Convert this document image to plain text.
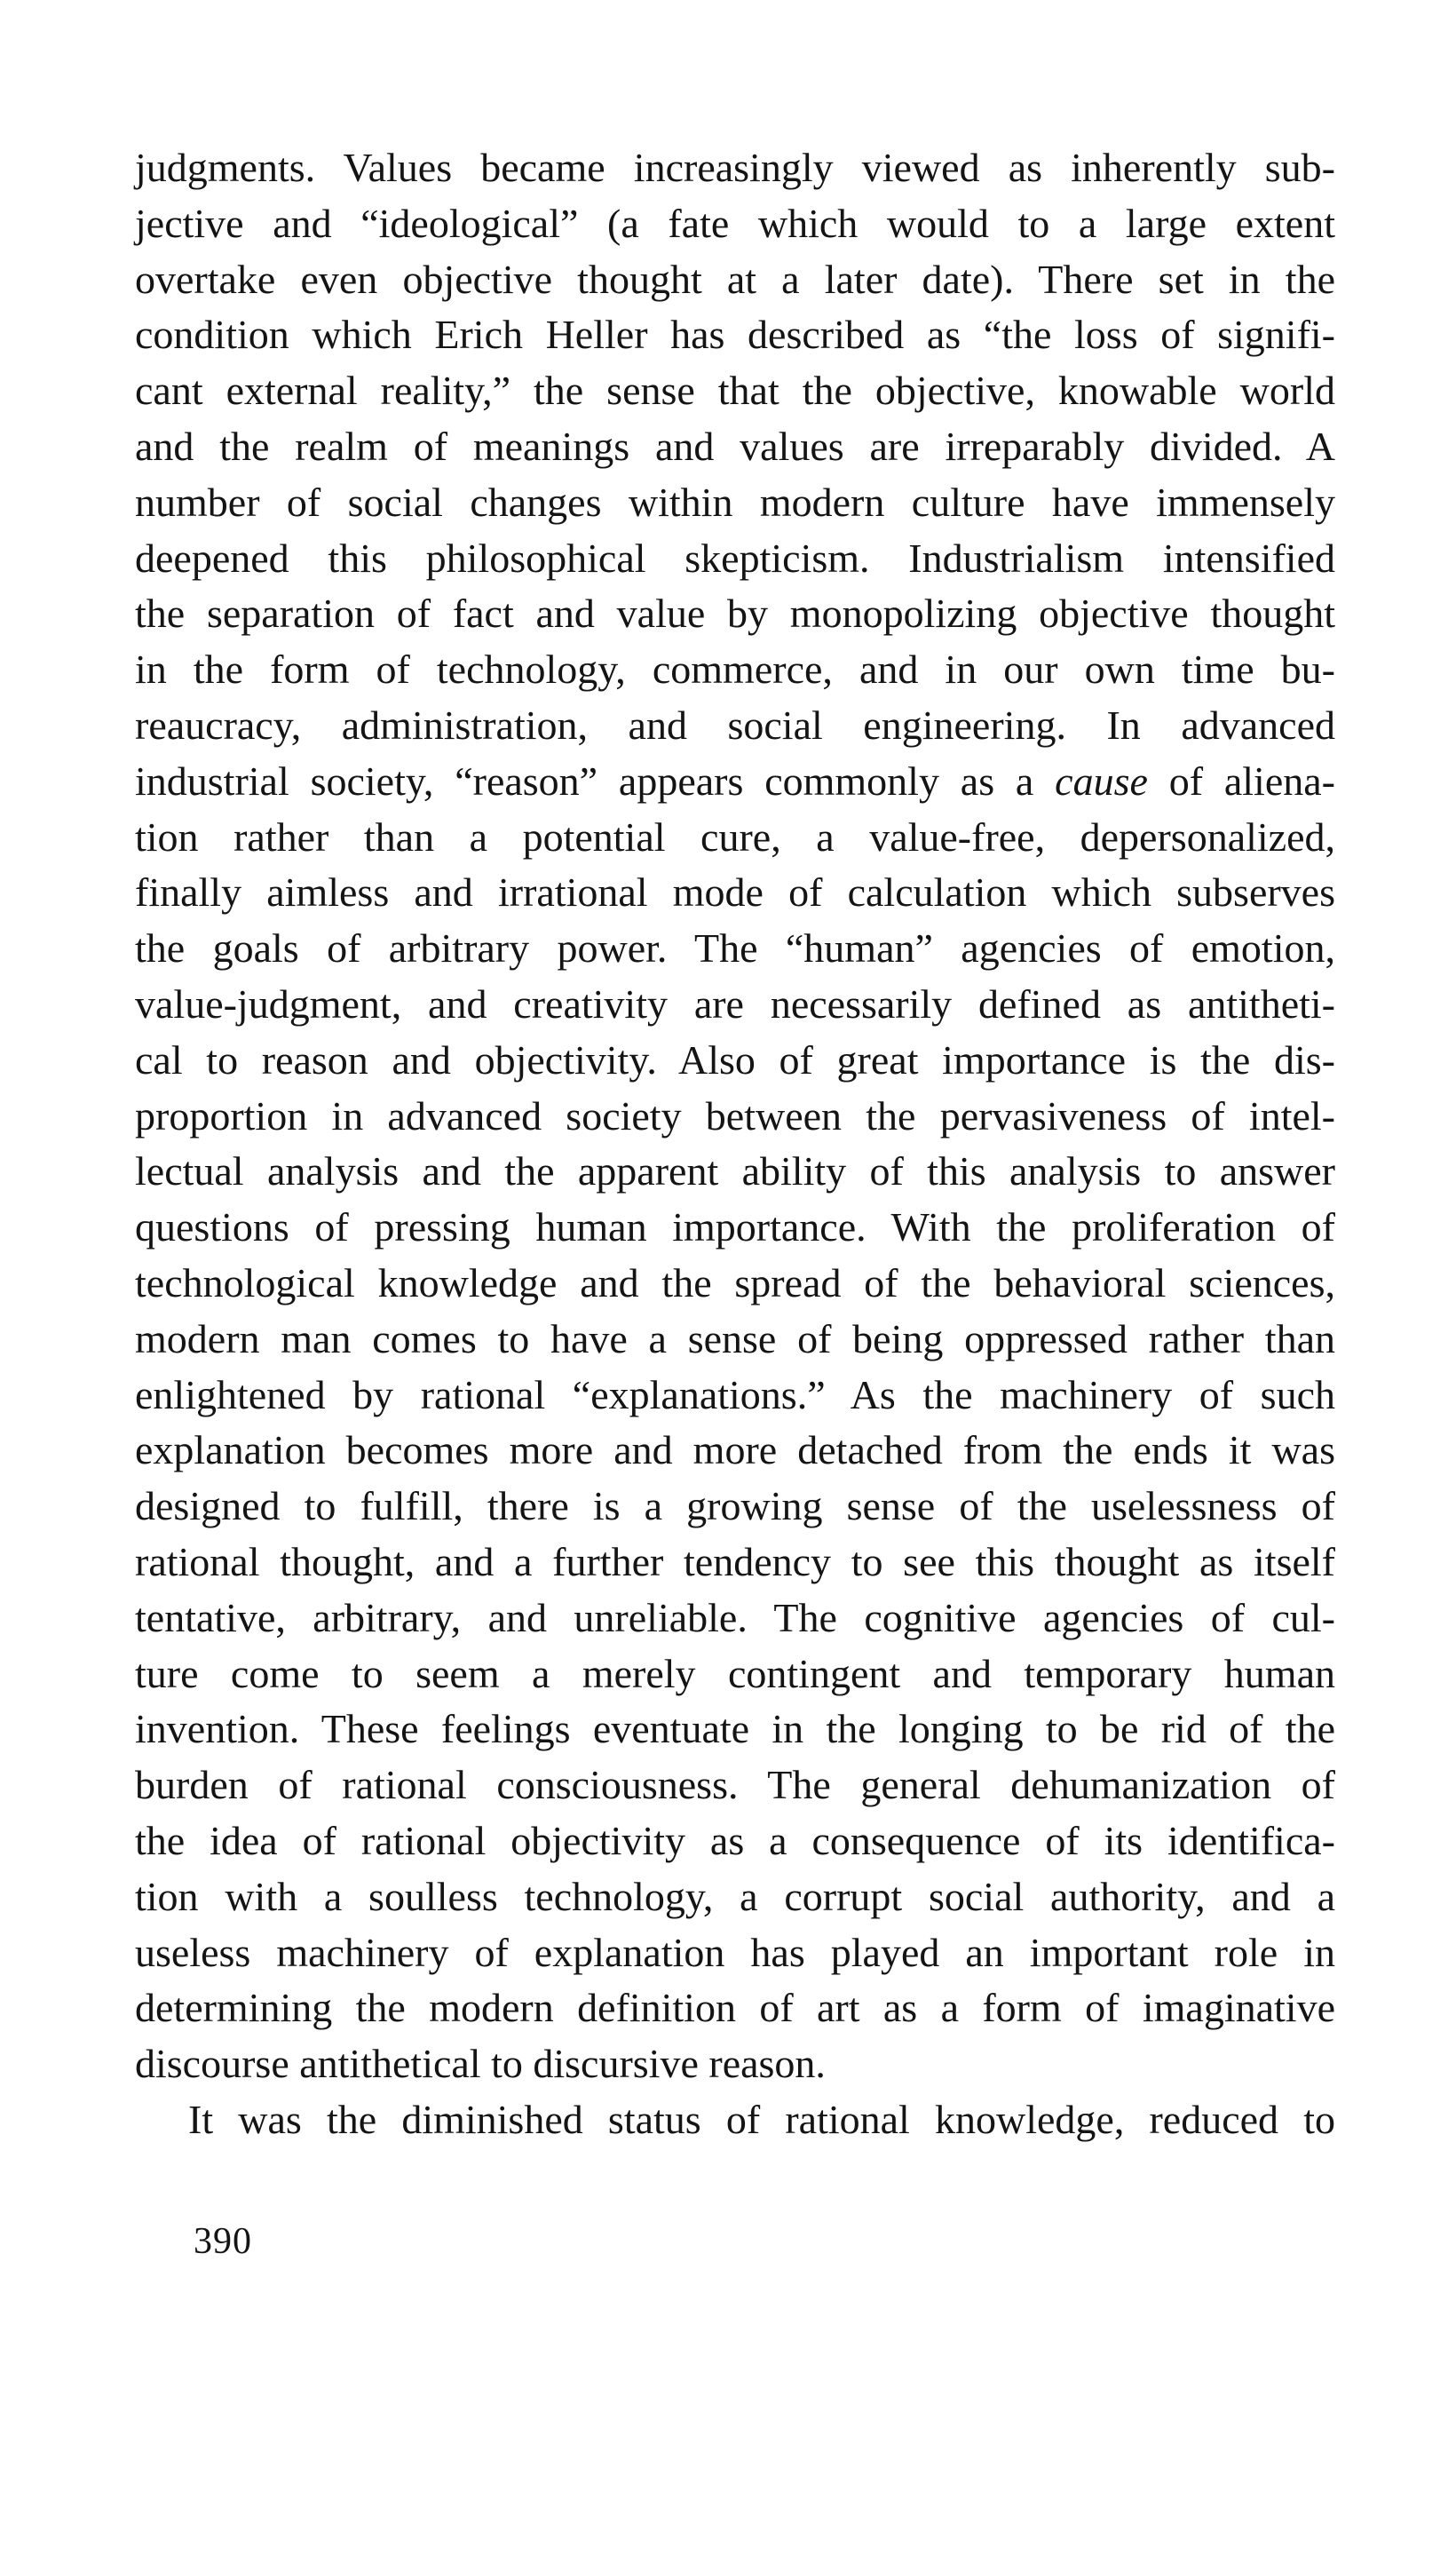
judgments. Values became increasingly viewed as inherently sub-
jective and “ideological” (a fate which would to a large extent
overtake even objective thought at a later date). There set in the
condition which Erich Heller has described as “the loss of signifi-
cant external reality,” the sense that the objective, knowable world
and the realm of meanings and values are irreparably divided. A
number of social changes within modern culture have immensely
deepened this philosophical skepticism. Industrialism intensified
the separation of fact and value by monopolizing objective thought
in the form of technology, commerce, and in our own time bu-
reaucracy, administration, and social engineering. In advanced
industrial society, “reason” appears commonly as a cause of aliena-
tion rather than a potential cure, a value-free, depersonalized,
finally aimless and irrational mode of calculation which subserves
the goals of arbitrary power. The “human” agencies of emotion,
value-judgment, and creativity are necessarily defined as antitheti-
cal to reason and objectivity. Also of great importance is the dis-
proportion in advanced society between the pervasiveness of intel-
lectual analysis and the apparent ability of this analysis to answer
questions of pressing human importance. With the proliferation of
technological knowledge and the spread of the behavioral sciences,
modern man comes to have a sense of being oppressed rather than
enlightened by rational “explanations.” As the machinery of such
explanation becomes more and more detached from the ends it was
designed to fulfill, there is a growing sense of the uselessness of
rational thought, and a further tendency to see this thought as itself
tentative, arbitrary, and unreliable. The cognitive agencies of cul-
ture come to seem a merely contingent and temporary human
invention. These feelings eventuate in the longing to be rid of the
burden of rational consciousness. The general dehumanization of
the idea of rational objectivity as a consequence of its identifica-
tion with a soulless technology, a corrupt social authority, and a
useless machinery of explanation has played an important role in
determining the modern definition of art as a form of imaginative
discourse antithetical to discursive reason.
It was the diminished status of rational knowledge, reduced to
390
